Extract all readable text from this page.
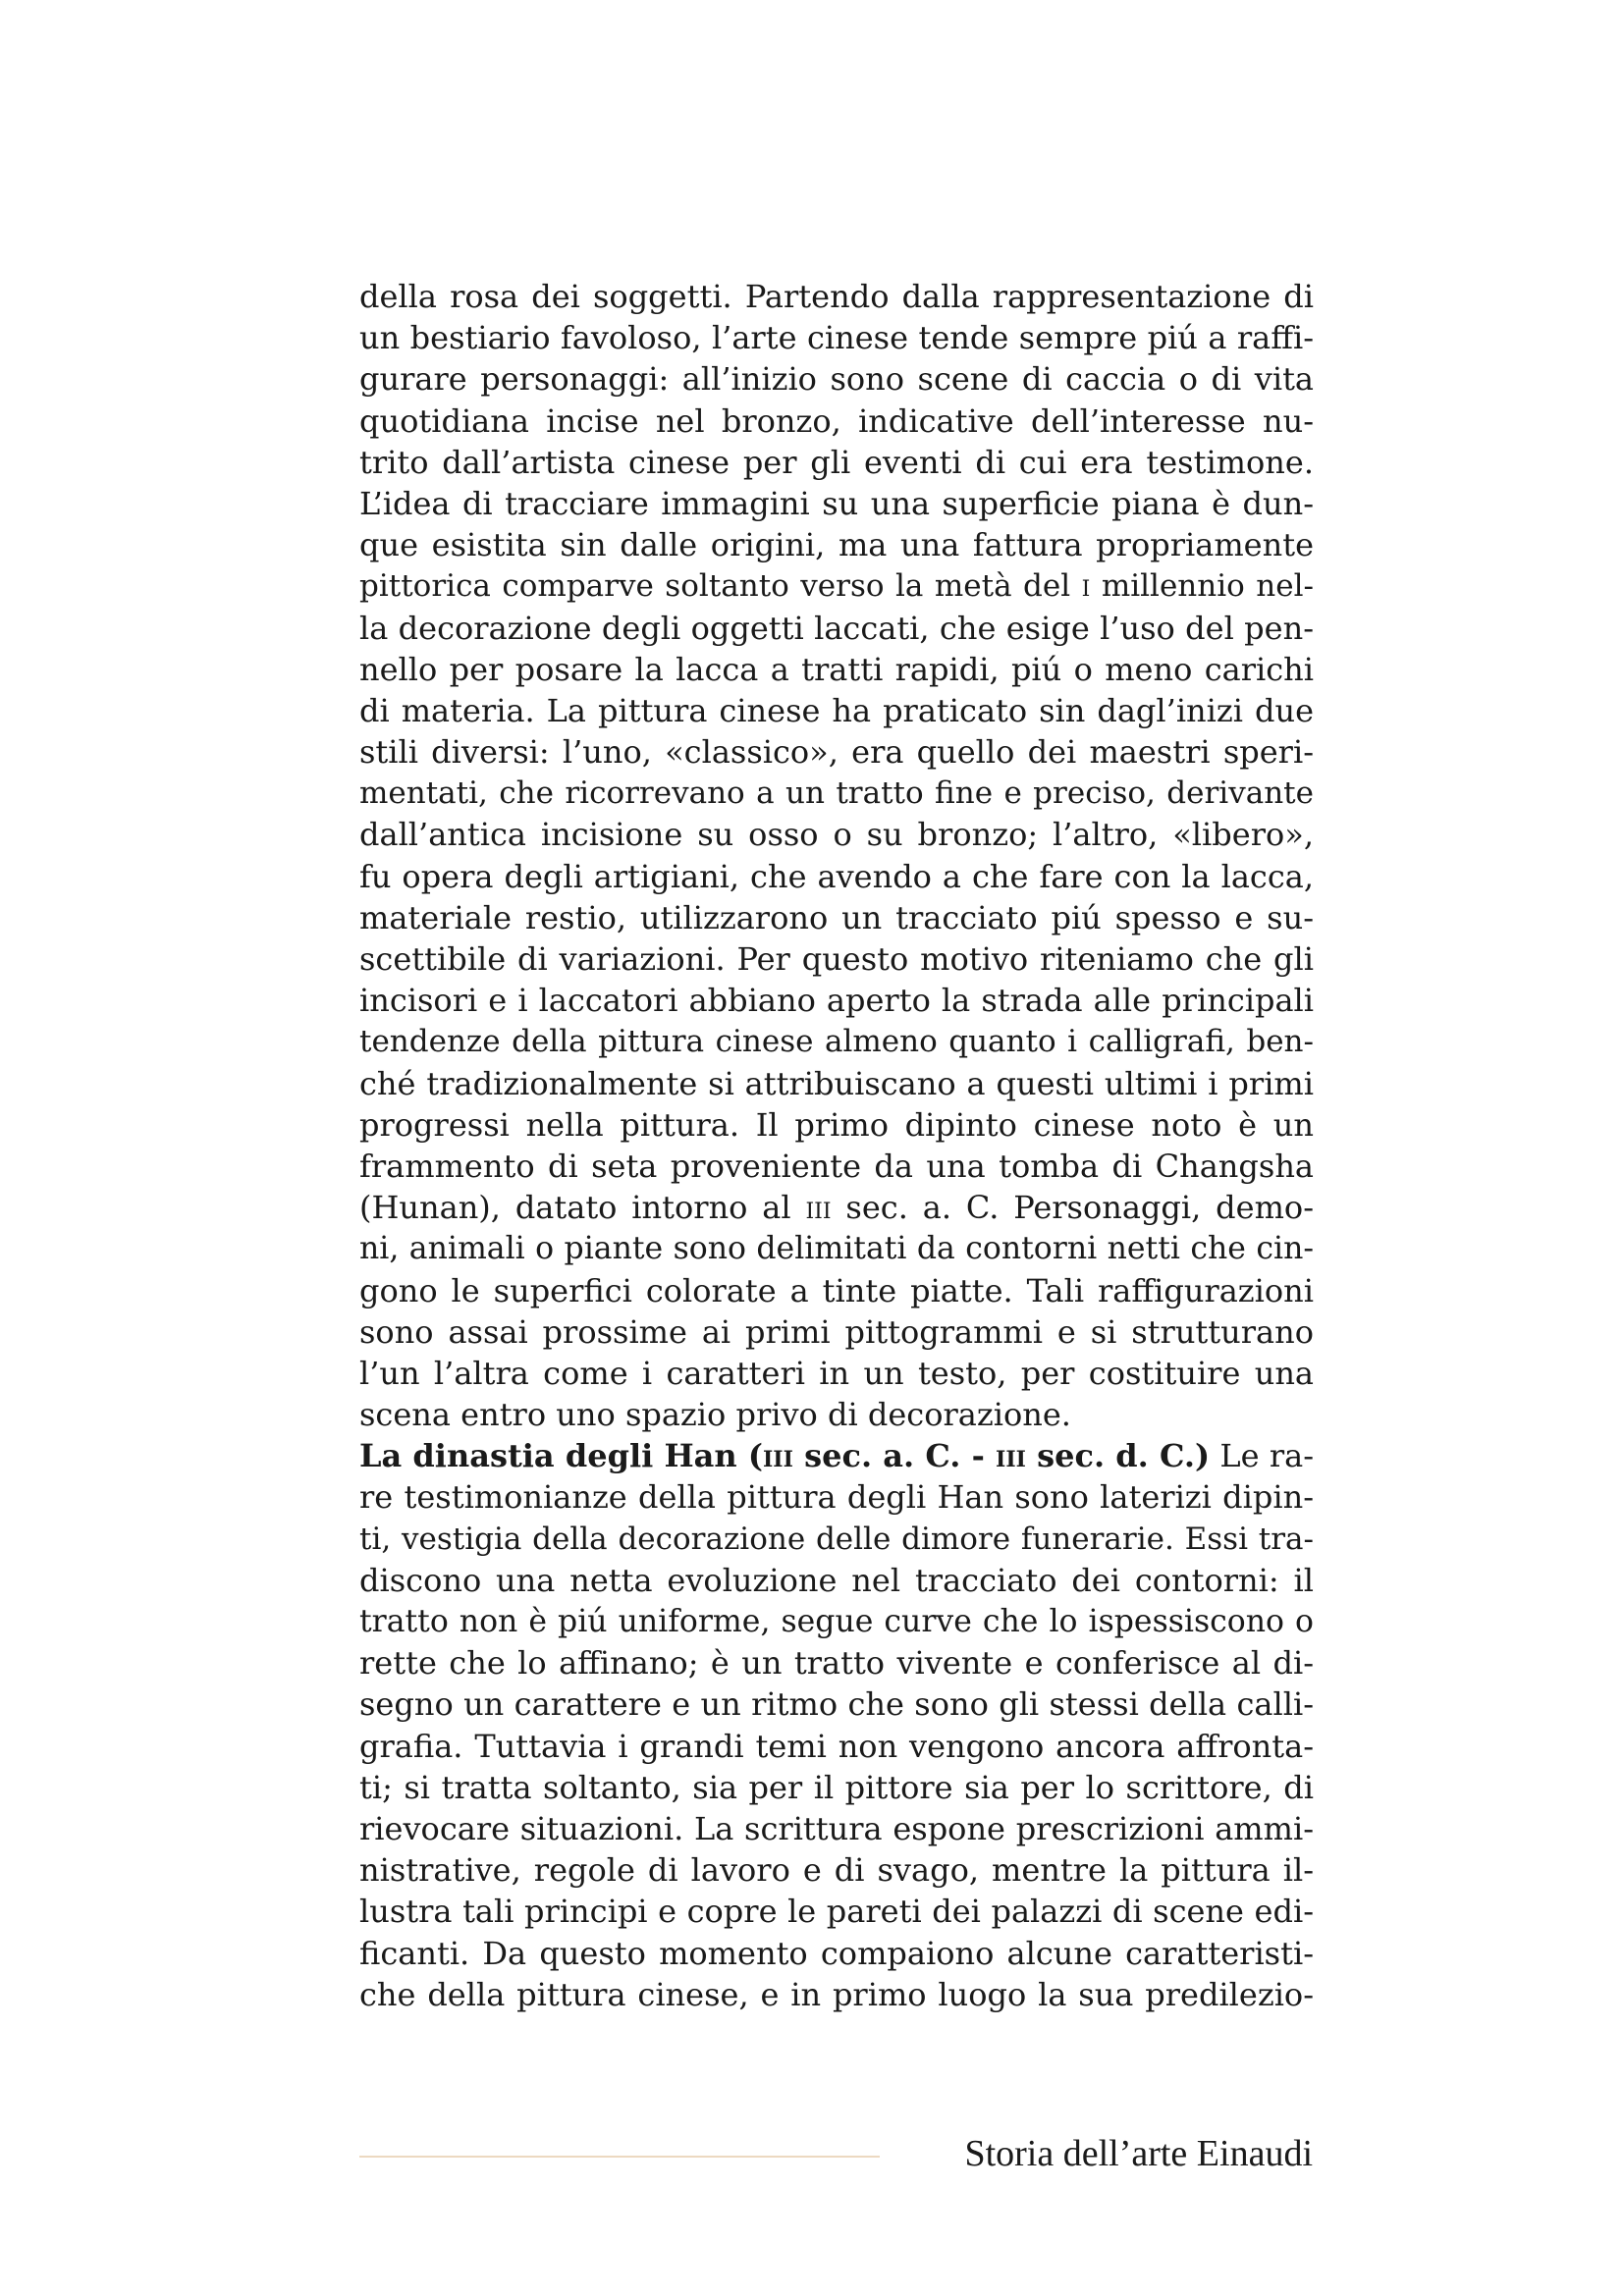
della rosa dei soggetti. Partendo dalla rappresentazione di
un bestiario favoloso, l’arte cinese tende sempre piú a raffi-
gurare personaggi: all’inizio sono scene di caccia o di vita
quotidiana incise nel bronzo, indicative dell’interesse nu-
trito dall’artista cinese per gli eventi di cui era testimone.
L’idea di tracciare immagini su una superficie piana è dun-
que esistita sin dalle origini, ma una fattura propriamente
pittorica comparve soltanto verso la metà del i millennio nel-
la decorazione degli oggetti laccati, che esige l’uso del pen-
nello per posare la lacca a tratti rapidi, piú o meno carichi
di materia. La pittura cinese ha praticato sin dagl’inizi due
stili diversi: l’uno, «classico», era quello dei maestri speri-
mentati, che ricorrevano a un tratto fine e preciso, derivante
dall’antica incisione su osso o su bronzo; l’altro, «libero»,
fu opera degli artigiani, che avendo a che fare con la lacca,
materiale restio, utilizzarono un tracciato piú spesso e su-
scettibile di variazioni. Per questo motivo riteniamo che gli
incisori e i laccatori abbiano aperto la strada alle principali
tendenze della pittura cinese almeno quanto i calligrafi, ben-
ché tradizionalmente si attribuiscano a questi ultimi i primi
progressi nella pittura. Il primo dipinto cinese noto è un
frammento di seta proveniente da una tomba di Changsha
(Hunan), datato intorno al iii sec. a. C. Personaggi, demo-
ni, animali o piante sono delimitati da contorni netti che cin-
gono le superfici colorate a tinte piatte. Tali raffigurazioni
sono assai prossime ai primi pittogrammi e si strutturano
l’un l’altra come i caratteri in un testo, per costituire una
scena entro uno spazio privo di decorazione.
La dinastia degli Han (iii sec. a. C. - iii sec. d. C.) Le ra-
re testimonianze della pittura degli Han sono laterizi dipin-
ti, vestigia della decorazione delle dimore funerarie. Essi tra-
discono una netta evoluzione nel tracciato dei contorni: il
tratto non è piú uniforme, segue curve che lo ispessiscono o
rette che lo affinano; è un tratto vivente e conferisce al di-
segno un carattere e un ritmo che sono gli stessi della calli-
grafia. Tuttavia i grandi temi non vengono ancora affronta-
ti; si tratta soltanto, sia per il pittore sia per lo scrittore, di
rievocare situazioni. La scrittura espone prescrizioni ammi-
nistrative, regole di lavoro e di svago, mentre la pittura il-
lustra tali principi e copre le pareti dei palazzi di scene edi-
ficanti. Da questo momento compaiono alcune caratteristi-
che della pittura cinese, e in primo luogo la sua predilezio-
Storia dell’arte Einaudi
